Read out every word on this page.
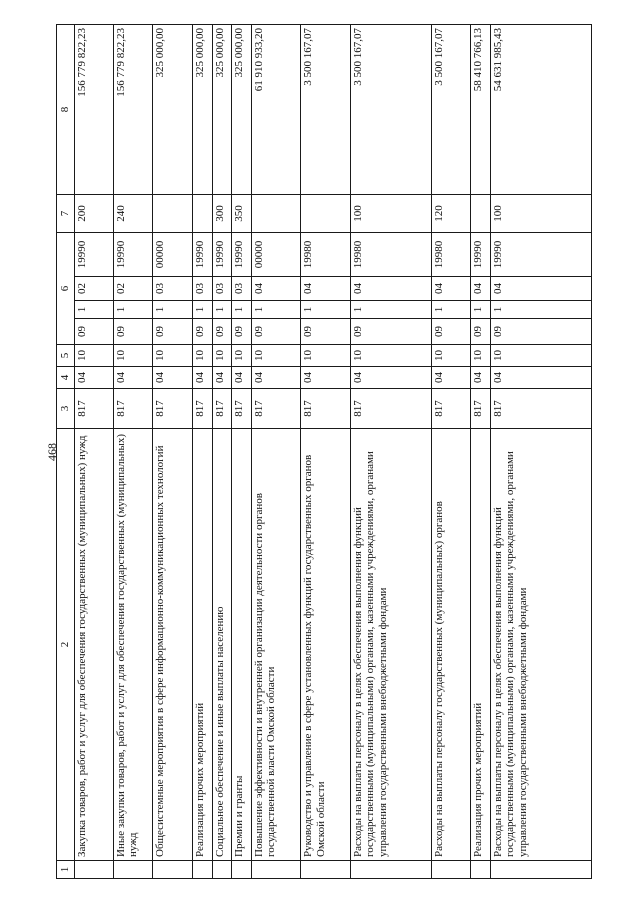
468
1	2	3	4	5	6				7	8
	Закупка товаров, работ и услуг для обеспечения государственных (муниципальных) нужд	817	04	10	09	1	02	19990	200	156 779 822,23
	Иные закупки товаров, работ и услуг для обеспечения государственных (муниципальных) нужд	817	04	10	09	1	02	19990	240	156 779 822,23
	Общесистемные мероприятия в сфере информационно-коммуникационных технологий	817	04	10	09	1	03	00000		325 000,00
	Реализация прочих мероприятий	817	04	10	09	1	03	19990		325 000,00
	Социальное обеспечение и иные выплаты населению	817	04	10	09	1	03	19990	300	325 000,00
	Премии и гранты	817	04	10	09	1	03	19990	350	325 000,00
	Повышение эффективности и внутренней организации деятельности органов государственной власти Омской области	817	04	10	09	1	04	00000		61 910 933,20
	Руководство и управление в сфере установленных функций государственных органов Омской области	817	04	10	09	1	04	19980		3 500 167,07
	Расходы на выплаты персоналу в целях обеспечения выполнения функций государственными (муниципальными) органами, казенными учреждениями, органами управления государственными внебюджетными фондами	817	04	10	09	1	04	19980	100	3 500 167,07
	Расходы на выплаты персоналу государственных (муниципальных) органов	817	04	10	09	1	04	19980	120	3 500 167,07
	Реализация прочих мероприятий	817	04	10	09	1	04	19990		58 410 766,13
	Расходы на выплаты персоналу в целях обеспечения выполнения функций государственными (муниципальными) органами, казенными учреждениями, органами управления государственными внебюджетными фондами	817	04	10	09	1	04	19990	100	54 631 985,43
